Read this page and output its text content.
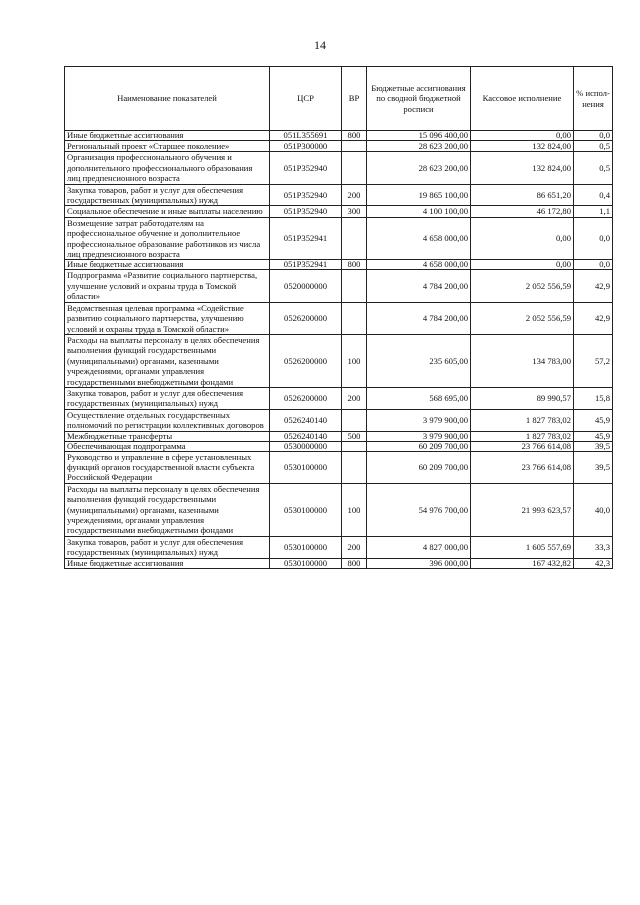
14
Наименование показателей	ЦСР	ВР	Бюджетные ассигнования по сводной бюджетной росписи	Кассовое исполнение	% испол-нения
Иные бюджетные ассигнования	051L355691	800	15 096 400,00	0,00	0,0
Региональный проект «Старшее поколение»	051P300000		28 623 200,00	132 824,00	0,5
Организация профессионального обучения и дополнительного профессионального образования лиц предпенсионного возраста	051P352940		28 623 200,00	132 824,00	0,5
Закупка товаров, работ и услуг для обеспечения государственных (муниципальных) нужд	051P352940	200	19 865 100,00	86 651,20	0,4
Социальное обеспечение и иные выплаты населению	051P352940	300	4 100 100,00	46 172,80	1,1
Возмещение затрат работодателям на профессиональное обучение и дополнительное профессиональное образование работников из числа лиц предпенсионного возраста	051P352941		4 658 000,00	0,00	0,0
Иные бюджетные ассигнования	051P352941	800	4 658 000,00	0,00	0,0
Подпрограмма «Развитие социального партнерства, улучшение условий и охраны труда в Томской области»	0520000000		4 784 200,00	2 052 556,59	42,9
Ведомственная целевая программа «Содействие развитию социального партнерства, улучшению условий и охраны труда в Томской области»	0526200000		4 784 200,00	2 052 556,59	42,9
Расходы на выплаты персоналу в целях обеспечения выполнения функций государственными (муниципальными) органами, казенными учреждениями, органами управления государственными внебюджетными фондами	0526200000	100	235 605,00	134 783,00	57,2
Закупка товаров, работ и услуг для обеспечения государственных (муниципальных) нужд	0526200000	200	568 695,00	89 990,57	15,8
Осуществление отдельных государственных полномочий по регистрации коллективных договоров	0526240140		3 979 900,00	1 827 783,02	45,9
Межбюджетные трансферты	0526240140	500	3 979 900,00	1 827 783,02	45,9
Обеспечивающая подпрограмма	0530000000		60 209 700,00	23 766 614,08	39,5
Руководство и управление в сфере установленных функций органов государственной власти субъекта Российской Федерации	0530100000		60 209 700,00	23 766 614,08	39,5
Расходы на выплаты персоналу в целях обеспечения выполнения функций государственными (муниципальными) органами, казенными учреждениями, органами управления государственными внебюджетными фондами	0530100000	100	54 976 700,00	21 993 623,57	40,0
Закупка товаров, работ и услуг для обеспечения государственных (муниципальных) нужд	0530100000	200	4 827 000,00	1 605 557,69	33,3
Иные бюджетные ассигнования	0530100000	800	396 000,00	167 432,82	42,3
